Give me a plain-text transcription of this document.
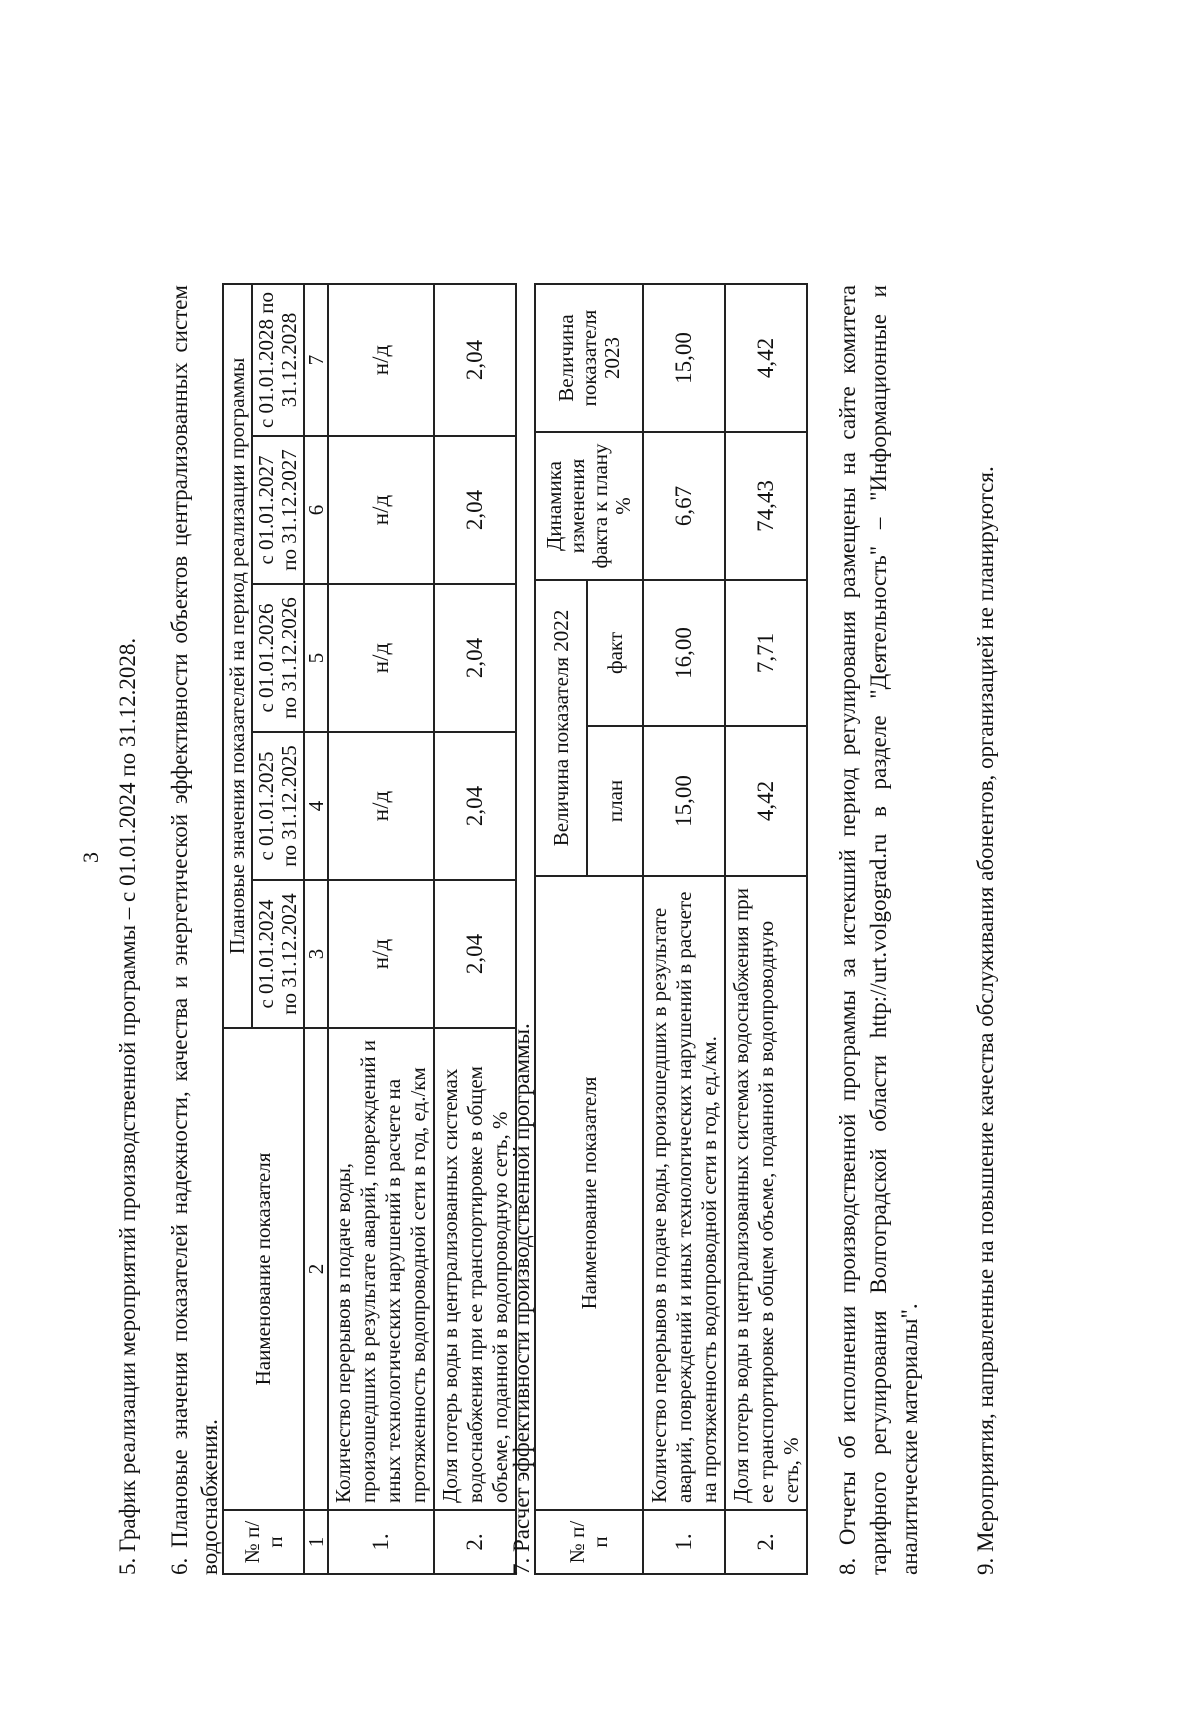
3 5. График реализации мероприятий производственной программы – с 01.01.2024 по 31.12.2028. 6. Плановые значения показателей надежности, качества и энергетической эффективности объектов централизованных систем водоснабжения. № п/п	Наименование показателя	Плановые значения показателей на период реализации программы				
		с 01.01.2024 по 31.12.2024	с 01.01.2025 по 31.12.2025	с 01.01.2026 по 31.12.2026	с 01.01.2027 по 31.12.2027	с 01.01.2028 по 31.12.2028
1	2	3	4	5	6	7
1.	Количество перерывов в подаче воды, произошедших в результате аварий, повреждений и иных технологических нарушений в расчете на протяженность водопроводной сети в год, ед./км	н/д	н/д	н/д	н/д	н/д
2.	Доля потерь воды в централизованных системах водоснабжения при ее транспортировке в общем объеме, поданной в водопроводную сеть, %	2,04	2,04	2,04	2,04	2,04
7. Расчет эффективности производственной программы. № п/п	Наименование показателя	Величина показателя 2022		Динамика изменения факта к плану %	Величина показателя 2023
		план	факт		
1.	Количество перерывов в подаче воды, произошедших в результате аварий, повреждений и иных технологических нарушений в расчете на протяженность водопроводной сети в год, ед./км.	15,00	16,00	6,67	15,00
2.	Доля потерь воды в централизованных системах водоснабжения при ее транспортировке в общем объеме, поданной в водопроводную сеть, %	4,42	7,71	74,43	4,42 8. Отчеты об исполнении производственной программы за истекший период регулирования размещены на сайте комитета тарифного регулирования Волгоградской области http://urt.volgograd.ru в разделе "Деятельность" – "Информационные и аналитические материалы". 9. Мероприятия, направленные на повышение качества обслуживания абонентов, организацией не планируются.
